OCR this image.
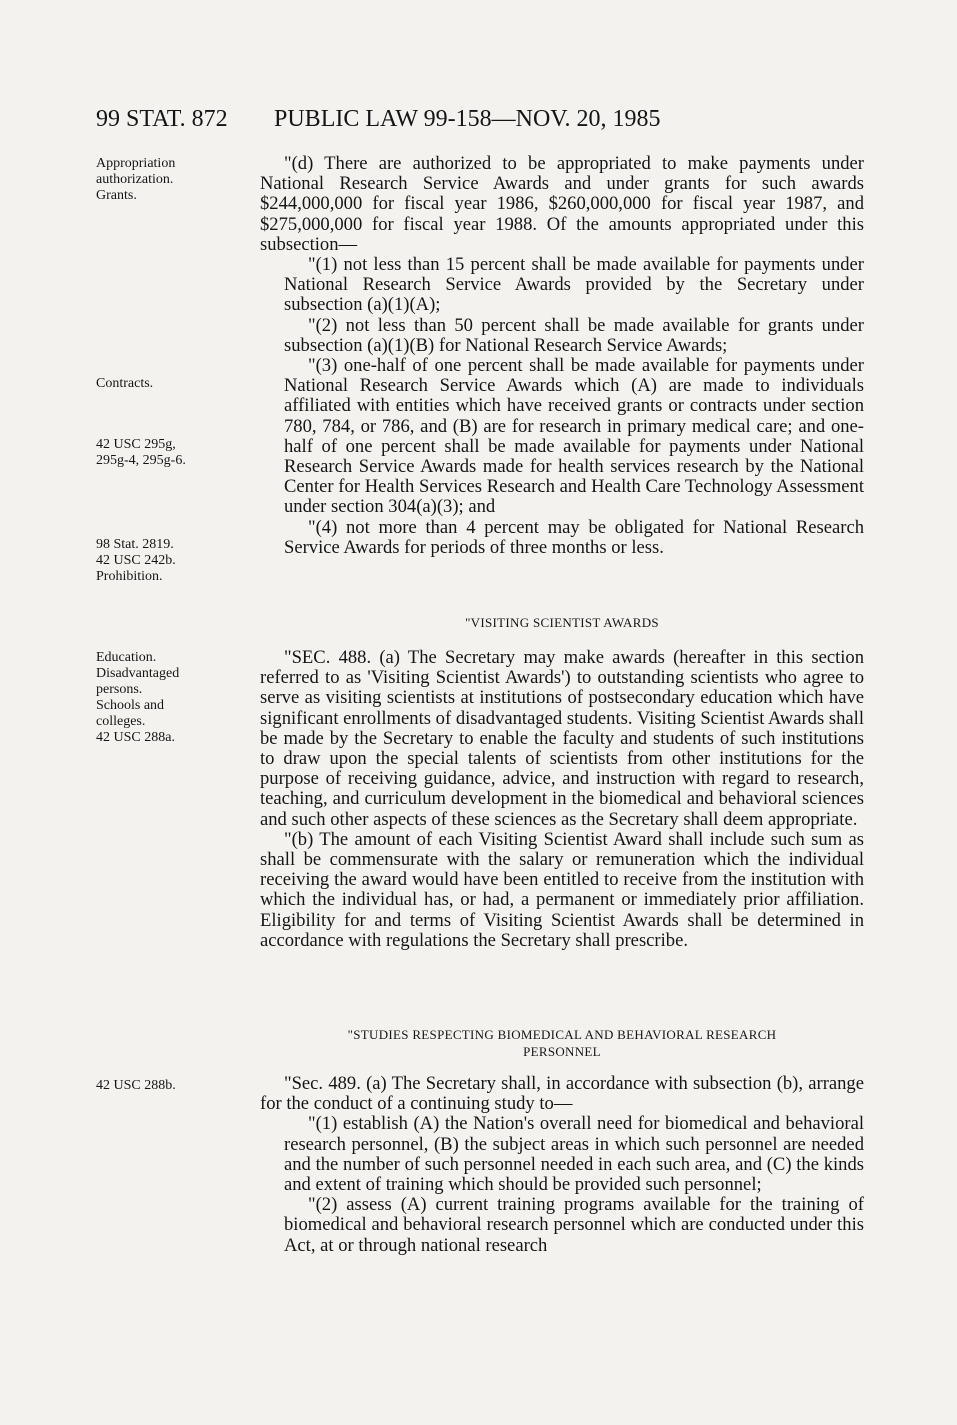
99 STAT. 872 PUBLIC LAW 99-158—NOV. 20, 1985
Appropriation
authorization.
Grants.
Contracts.
42 USC 295g,
295g-4, 295g-6.
98 Stat. 2819.
42 USC 242b.
Prohibition.
Education.
Disadvantaged
persons.
Schools and
colleges.
42 USC 288a.
42 USC 288b.

"(d) There are authorized to be appropriated to make payments under National Research Service Awards and under grants for such awards $244,000,000 for fiscal year 1986, $260,000,000 for fiscal year 1987, and $275,000,000 for fiscal year 1988. Of the amounts appropriated under this subsection—

"(1) not less than 15 percent shall be made available for payments under National Research Service Awards provided by the Secretary under subsection (a)(1)(A);

"(2) not less than 50 percent shall be made available for grants under subsection (a)(1)(B) for National Research Service Awards;

"(3) one-half of one percent shall be made available for payments under National Research Service Awards which (A) are made to individuals affiliated with entities which have received grants or contracts under section 780, 784, or 786, and (B) are for research in primary medical care; and one-half of one percent shall be made available for payments under National Research Service Awards made for health services research by the National Center for Health Services Research and Health Care Technology Assessment under section 304(a)(3); and

"(4) not more than 4 percent may be obligated for National Research Service Awards for periods of three months or less.

"VISITING SCIENTIST AWARDS

"SEC. 488. (a) The Secretary may make awards (hereafter in this section referred to as 'Visiting Scientist Awards') to outstanding scientists who agree to serve as visiting scientists at institutions of postsecondary education which have significant enrollments of disadvantaged students. Visiting Scientist Awards shall be made by the Secretary to enable the faculty and students of such institutions to draw upon the special talents of scientists from other institutions for the purpose of receiving guidance, advice, and instruction with regard to research, teaching, and curriculum development in the biomedical and behavioral sciences and such other aspects of these sciences as the Secretary shall deem appropriate.

"(b) The amount of each Visiting Scientist Award shall include such sum as shall be commensurate with the salary or remuneration which the individual receiving the award would have been entitled to receive from the institution with which the individual has, or had, a permanent or immediately prior affiliation. Eligibility for and terms of Visiting Scientist Awards shall be determined in accordance with regulations the Secretary shall prescribe.

"STUDIES RESPECTING BIOMEDICAL AND BEHAVIORAL RESEARCH
PERSONNEL

"Sec. 489. (a) The Secretary shall, in accordance with subsection (b), arrange for the conduct of a continuing study to—

"(1) establish (A) the Nation's overall need for biomedical and behavioral research personnel, (B) the subject areas in which such personnel are needed and the number of such personnel needed in each such area, and (C) the kinds and extent of training which should be provided such personnel;

"(2) assess (A) current training programs available for the training of biomedical and behavioral research personnel which are conducted under this Act, at or through national research
